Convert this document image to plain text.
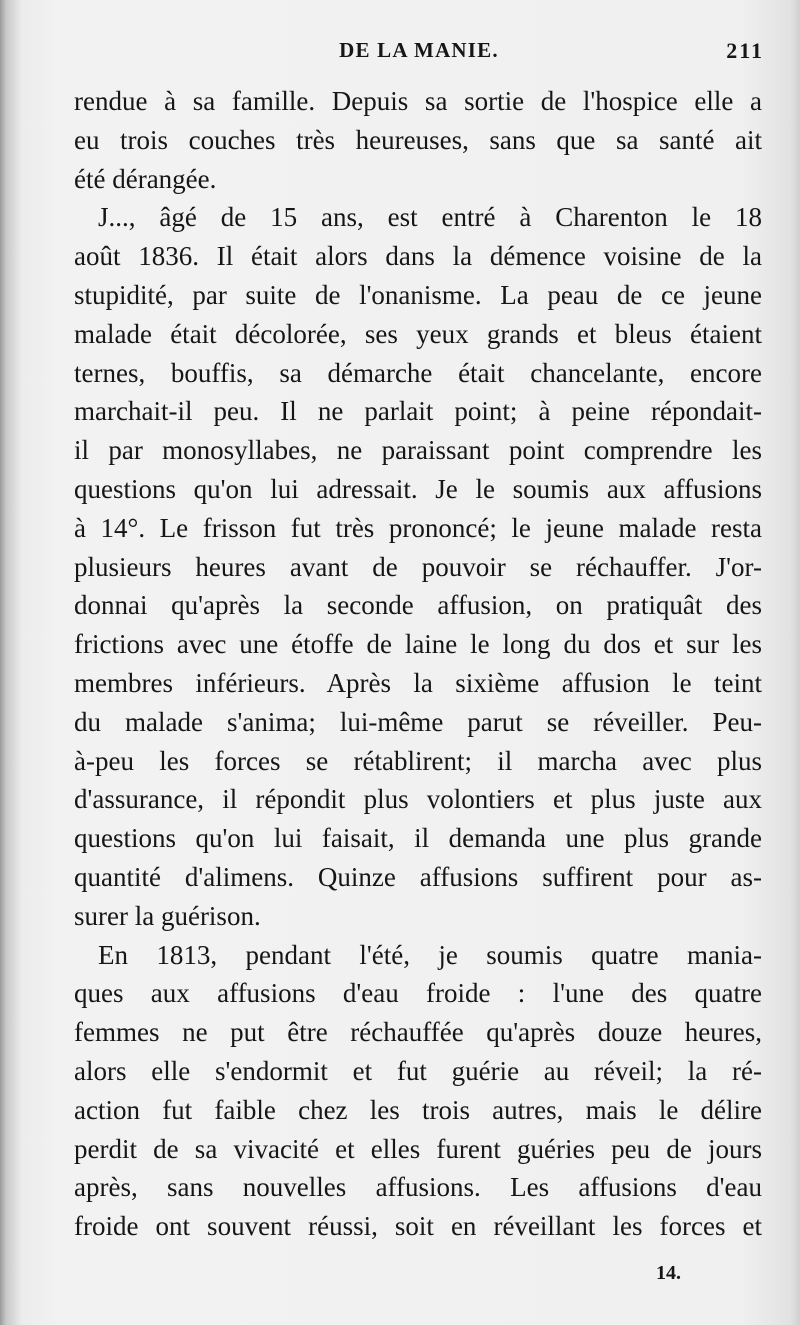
DE LA MANIE.	211
rendue à sa famille. Depuis sa sortie de l'hospice elle a
eu trois couches très heureuses, sans que sa santé ait
été dérangée.
J..., âgé de 15 ans, est entré à Charenton le 18
août 1836. Il était alors dans la démence voisine de la
stupidité, par suite de l'onanisme. La peau de ce jeune
malade était décolorée, ses yeux grands et bleus étaient
ternes, bouffis, sa démarche était chancelante, encore
marchait-il peu. Il ne parlait point; à peine répondait-
il par monosyllabes, ne paraissant point comprendre les
questions qu'on lui adressait. Je le soumis aux affusions
à 14°. Le frisson fut très prononcé; le jeune malade resta
plusieurs heures avant de pouvoir se réchauffer. J'or-
donnai qu'après la seconde affusion, on pratiquât des
frictions avec une étoffe de laine le long du dos et sur les
membres inférieurs. Après la sixième affusion le teint
du malade s'anima; lui-même parut se réveiller. Peu-
à-peu les forces se rétablirent; il marcha avec plus
d'assurance, il répondit plus volontiers et plus juste aux
questions qu'on lui faisait, il demanda une plus grande
quantité d'alimens. Quinze affusions suffirent pour as-
surer la guérison.
En 1813, pendant l'été, je soumis quatre mania-
ques aux affusions d'eau froide : l'une des quatre
femmes ne put être réchauffée qu'après douze heures,
alors elle s'endormit et fut guérie au réveil; la ré-
action fut faible chez les trois autres, mais le délire
perdit de sa vivacité et elles furent guéries peu de jours
après, sans nouvelles affusions. Les affusions d'eau
froide ont souvent réussi, soit en réveillant les forces et
14.
